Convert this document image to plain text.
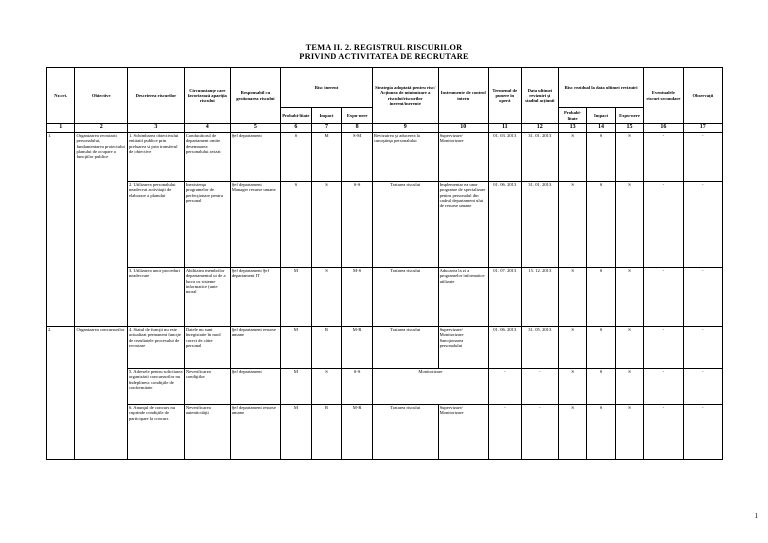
TEMA II. 2. REGISTRUL RISCURILOR
PRIVIND ACTIVITATEA DE RECRUTARE
Nr.crt.	Obiective	Descrierea riscurilor	Circumstanţe care favorizează apariţia riscului	Responsabil cu gestionarea riscului	Risc inerent			Strategia adoptată pentru risc/ Acţiunea de minimizare a riscului/riscurilor inerent/inerente	Instrumente de control intern	Termenul de punere în operă	Data ultimei revizuiri și stadiul acțiunii	Risc rezidual la data ultimei revizuiri			Eventualele riscuri secundare	Observaţii
					Probabi-litate	Impact	Expu-nere					Probabi-litate	Impact	Expu-nere		
1	2	3	4	5	6	7	8	9	10	11	12	13	14	15	16	17
1.	Organizarea recrutarii personalului, fundamentarea proiectului planului de ocupare a funcţiilor publice	1. Schimbarea obiectivului entitatii publice prin preluarea si prin transferul de obiective	Conducătorul de departament omite desemnarea personalului avizat	Şef departament	S	M	S-M	Revizuirea şi aducerea la cunoştinţa personalului	Supervizare/ Monitorizare	01. 03. 2013	31. 01. 2013	S	S	S	-	-
		2. Utilizarea personalului neadecvat activitaţii de elaborare a planului	Inexistenţa programelor de perfecţionare pentru personal	Şef departament Manager resurse umane	S	S	S-S	Tratarea riscului	Implementar ea unor programe de specializare pentru personalul din cadrul departament ului de resurse umane	01. 06. 2013	31. 01. 2013	S	S	S	-	-
		3. Utilizarea unor proceduri neadecvate	Abilitatea membrilor departamentul ui de a lucra cu sisteme informatice (unte moral	Şef departament Şef departament IT	M	S	M-S	Tratarea riscului	Aducarea la zi a programelor informatice utilizate	01. 07. 2013	15. 12. 2013	S	S	S	-	-
2.	Organizarea concursurilor	4. Statul de funcţii nu este actualizat permanent funcţie de rezultatele procesului de recrutare	Datele nu sunt înregistrate în mod corect de către personal	Şef departament resurse umane	M	R	M-R	Tratarea riscului	Supervizare/ Monitorizare Sancţionarea personalului	01. 06. 2013	31. 05. 2013	S	S	S	-	-
		5. Adresele pentru solicitarea organizării concursurilor nu îndeplinesc condiţiile de conformitate	Neverificarea condiţiilor	Şef departament	M	S	S-S	Monitorizare		-	-	S	S	S	-	-
		6. Anunţul de concurs nu cuprinde condiţiile de participare la concurs	Neverificarea autenticităţii	Şef departament resurse umane	M	R	M-R	Tratarea riscului	Supervizare/ Monitorizare	-	-	S	S	S	-	-
1
